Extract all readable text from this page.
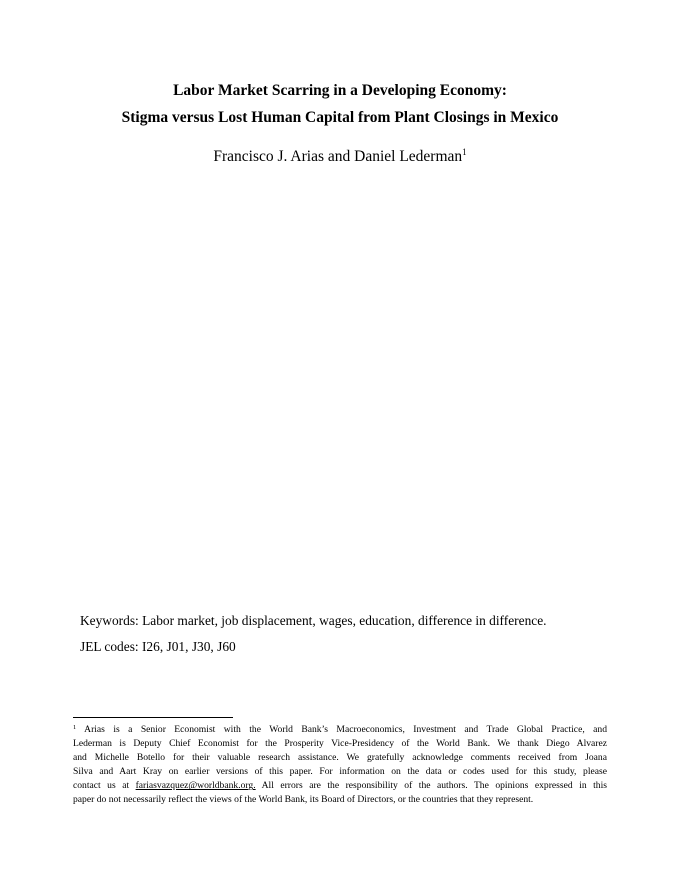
Labor Market Scarring in a Developing Economy:
Stigma versus Lost Human Capital from Plant Closings in Mexico
Francisco J. Arias and Daniel Lederman$^1$
Keywords: Labor market, job displacement, wages, education, difference in difference.
JEL codes: I26, J01, J30, J60
$^1$ Arias is a Senior Economist with the World Bank’s Macroeconomics, Investment and Trade Global Practice, and
Lederman is Deputy Chief Economist for the Prosperity Vice-Presidency of the World Bank. We thank Diego Alvarez
and Michelle Botello for their valuable research assistance. We gratefully acknowledge comments received from Joana
Silva and Aart Kray on earlier versions of this paper. For information on the data or codes used for this study, please
contact us at fariasvazquez@worldbank.org. All errors are the responsibility of the authors. The opinions expressed in this
paper do not necessarily reflect the views of the World Bank, its Board of Directors, or the countries that they represent.
